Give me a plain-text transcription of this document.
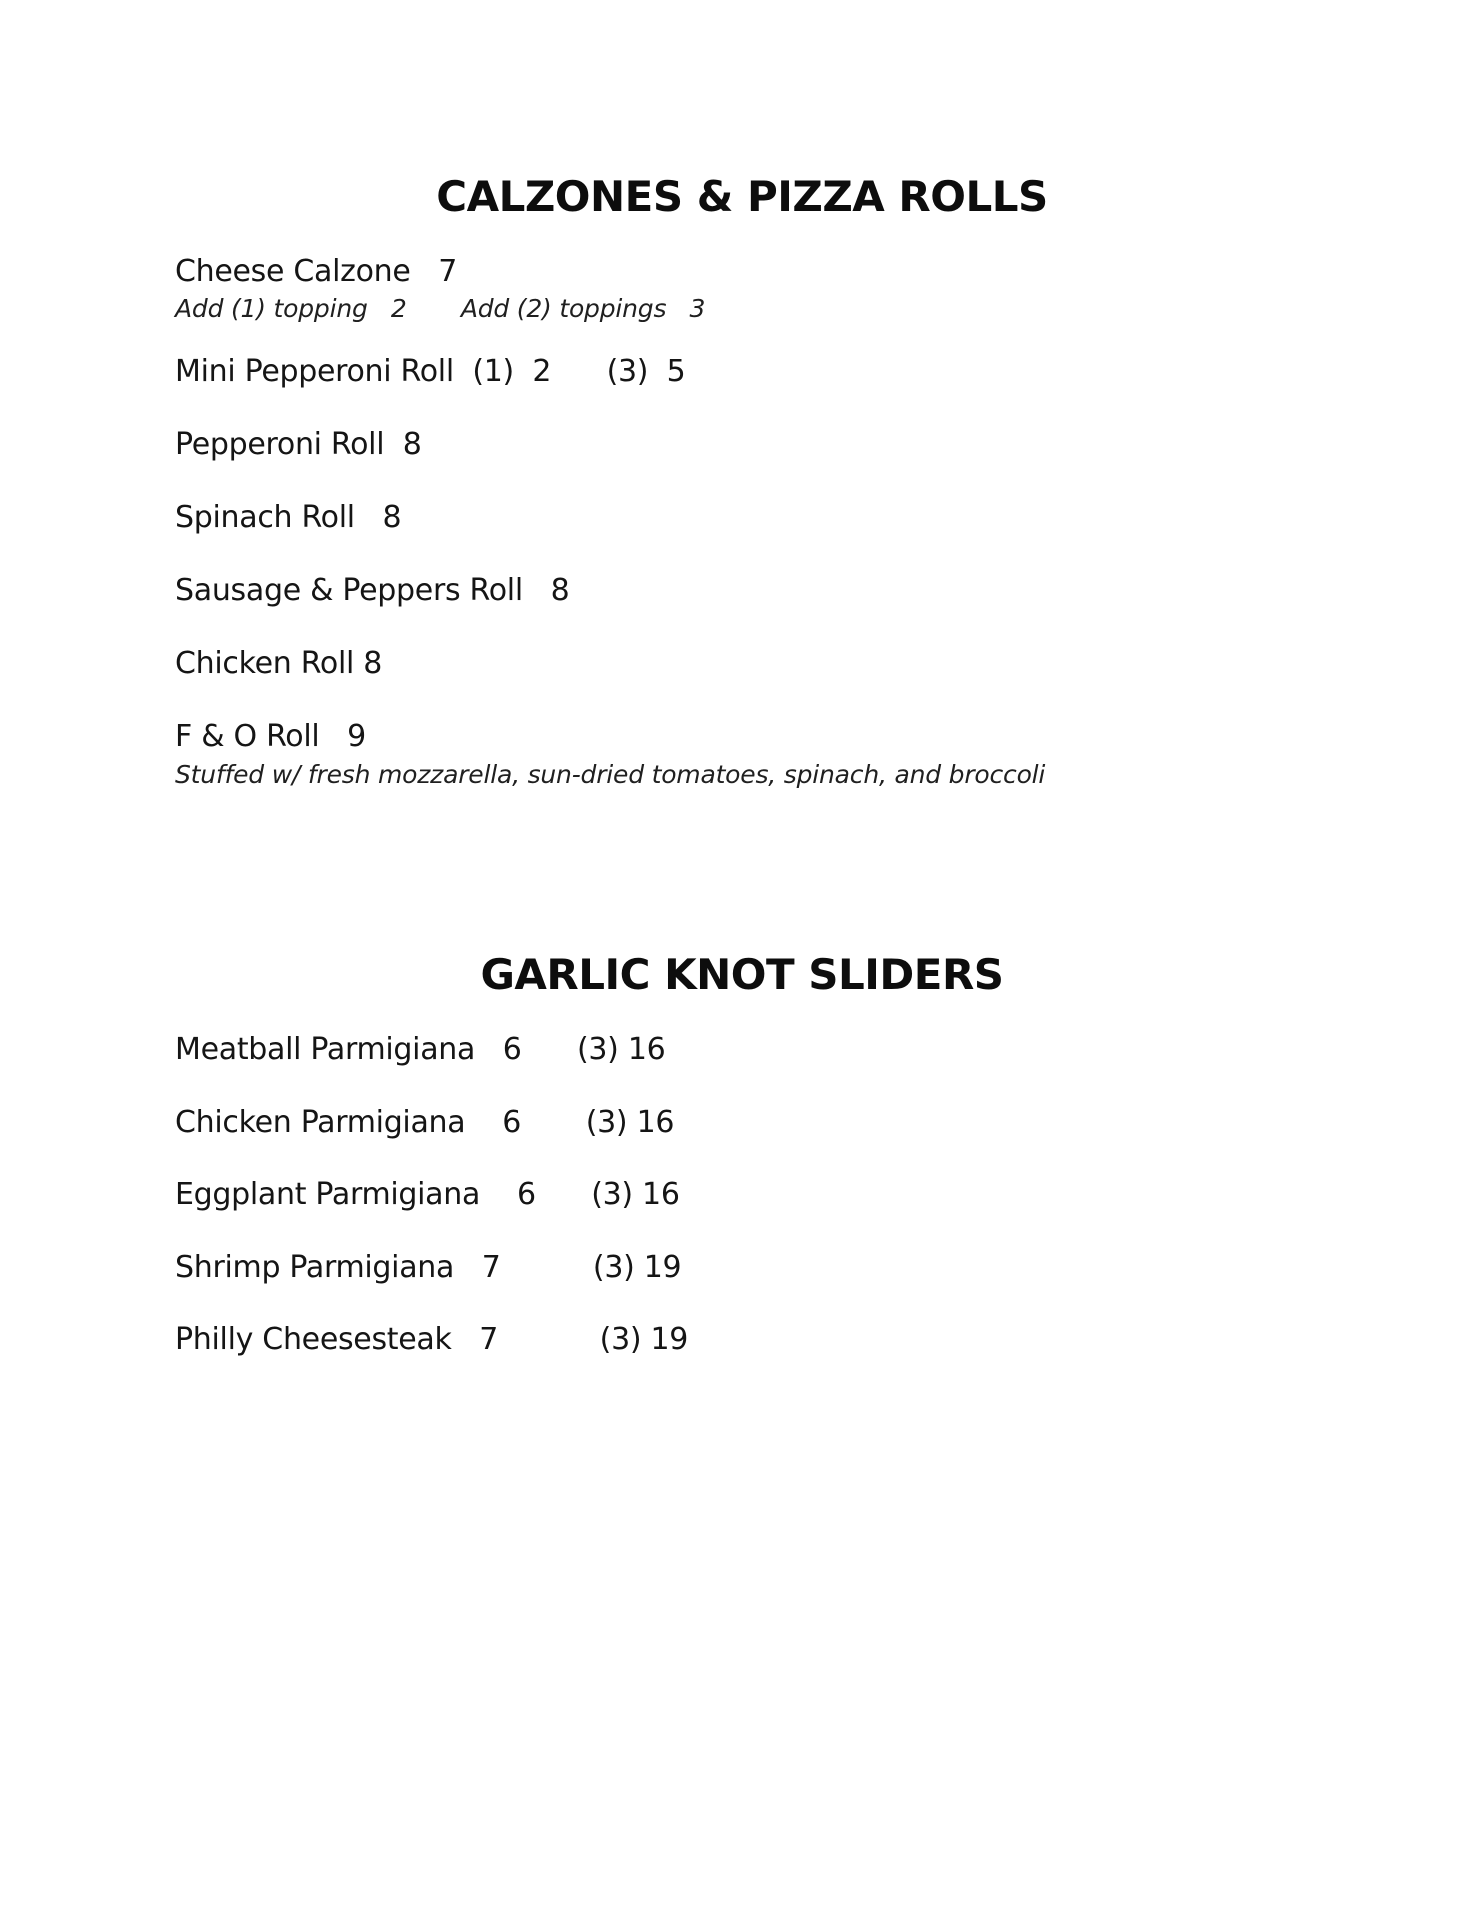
CALZONES & PIZZA ROLLS
Cheese Calzone   7
Add (1) topping   2       Add (2) toppings   3
Mini Pepperoni Roll  (1)  2      (3)  5
Pepperoni Roll  8
Spinach Roll   8
Sausage & Peppers Roll   8
Chicken Roll 8
F & O Roll   9
Stuffed w/ fresh mozzarella, sun-dried tomatoes, spinach, and broccoli
GARLIC KNOT SLIDERS
Meatball Parmigiana   6      (3) 16
Chicken Parmigiana    6       (3) 16
Eggplant Parmigiana    6      (3) 16
Shrimp Parmigiana   7          (3) 19
Philly Cheesesteak   7           (3) 19
